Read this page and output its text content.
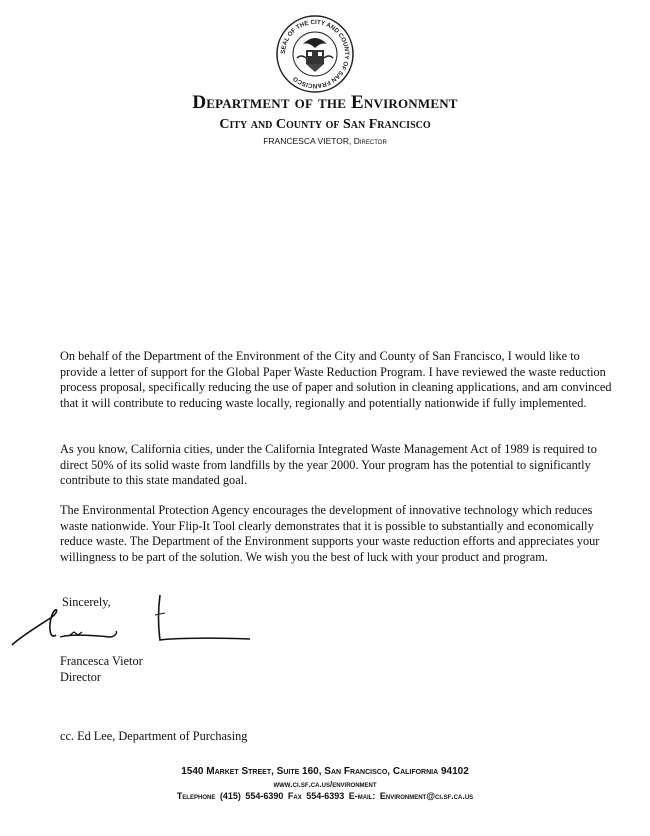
SEAL OF THE CITY AND COUNTY OF SAN FRANCISCO
Department of the Environment
City and County of San Francisco
FRANCESCA VIETOR, Director
On behalf of the Department of the Environment of the City and County of San Francisco, I would like to provide a letter of support for the Global Paper Waste Reduction Program. I have reviewed the waste reduction process proposal, specifically reducing the use of paper and solution in cleaning applications, and am convinced that it will contribute to reducing waste locally, regionally and potentially nationwide if fully implemented.
As you know, California cities, under the California Integrated Waste Management Act of 1989 is required to direct 50% of its solid waste from landfills by the year 2000. Your program has the potential to significantly contribute to this state mandated goal.
The Environmental Protection Agency encourages the development of innovative technology which reduces waste nationwide. Your Flip-It Tool clearly demonstrates that it is possible to substantially and economically reduce waste. The Department of the Environment supports your waste reduction efforts and appreciates your willingness to be part of the solution. We wish you the best of luck with your product and program.
Sincerely,
Francesca Vietor
Director
cc. Ed Lee, Department of Purchasing
1540 Market Street, Suite 160, San Francisco, California 94102
www.ci.sf.ca.us/environment
Telephone (415) 554-6390 Fax 554-6393 E-mail: Environment@ci.sf.ca.us
